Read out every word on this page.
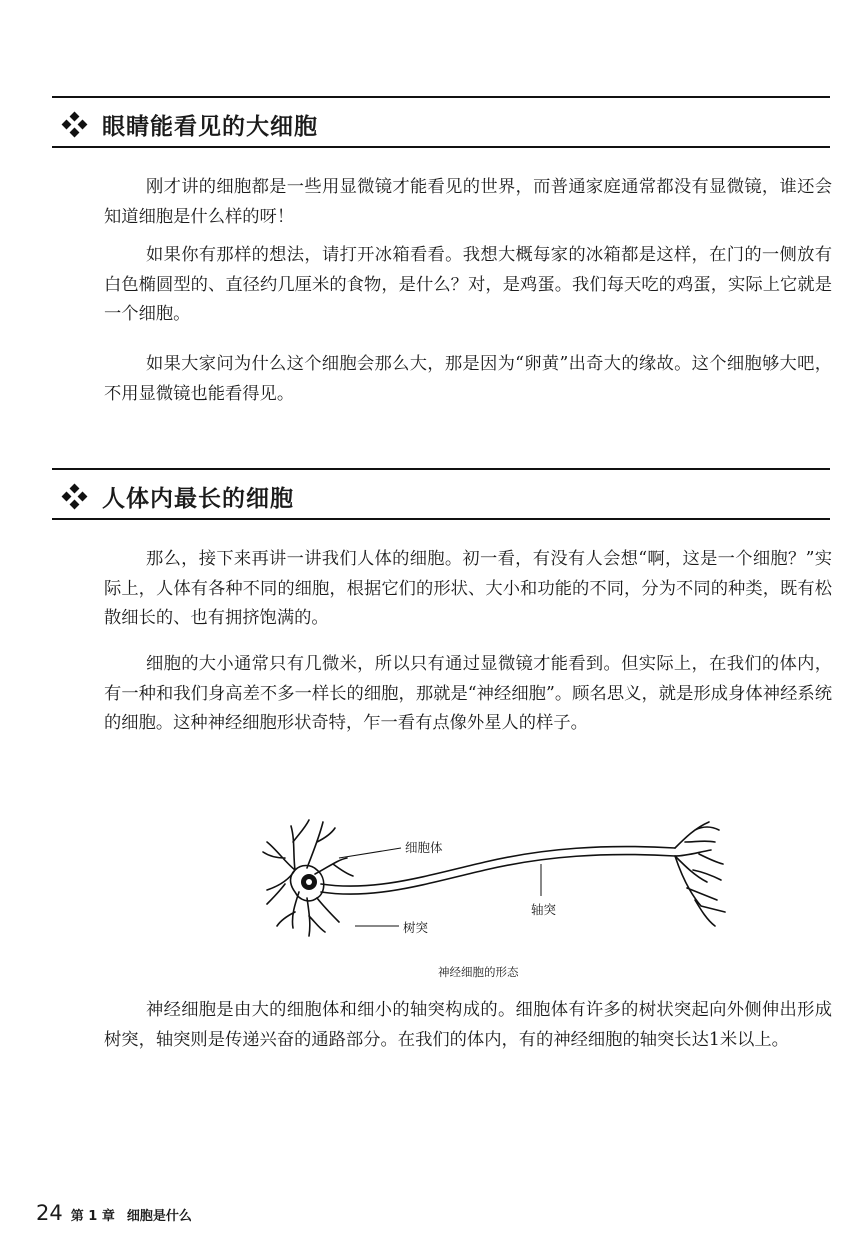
眼睛能看见的大细胞

刚才讲的细胞都是一些用显微镜才能看见的世界，而普通家庭通常都没有显微镜，谁还会知道细胞是什么样的呀！

如果你有那样的想法，请打开冰箱看看。我想大概每家的冰箱都是这样，在门的一侧放有白色椭圆型的、直径约几厘米的食物，是什么？对，是鸡蛋。我们每天吃的鸡蛋，实际上它就是一个细胞。

如果大家问为什么这个细胞会那么大，那是因为“卵黄”出奇大的缘故。这个细胞够大吧，不用显微镜也能看得见。

人体内最长的细胞

那么，接下来再讲一讲我们人体的细胞。初一看，有没有人会想“啊，这是一个细胞？”实际上，人体有各种不同的细胞，根据它们的形状、大小和功能的不同，分为不同的种类，既有松散细长的、也有拥挤饱满的。

细胞的大小通常只有几微米，所以只有通过显微镜才能看到。但实际上，在我们的体内，有一种和我们身高差不多一样长的细胞，那就是“神经细胞”。顾名思义，就是形成身体神经系统的细胞。这种神经细胞形状奇特，乍一看有点像外星人的样子。

细胞体
轴突
树突
神经细胞的形态

神经细胞是由大的细胞体和细小的轴突构成的。细胞体有许多的树状突起向外侧伸出形成树突，轴突则是传递兴奋的通路部分。在我们的体内，有的神经细胞的轴突长达1米以上。

24 第 1 章 细胞是什么
